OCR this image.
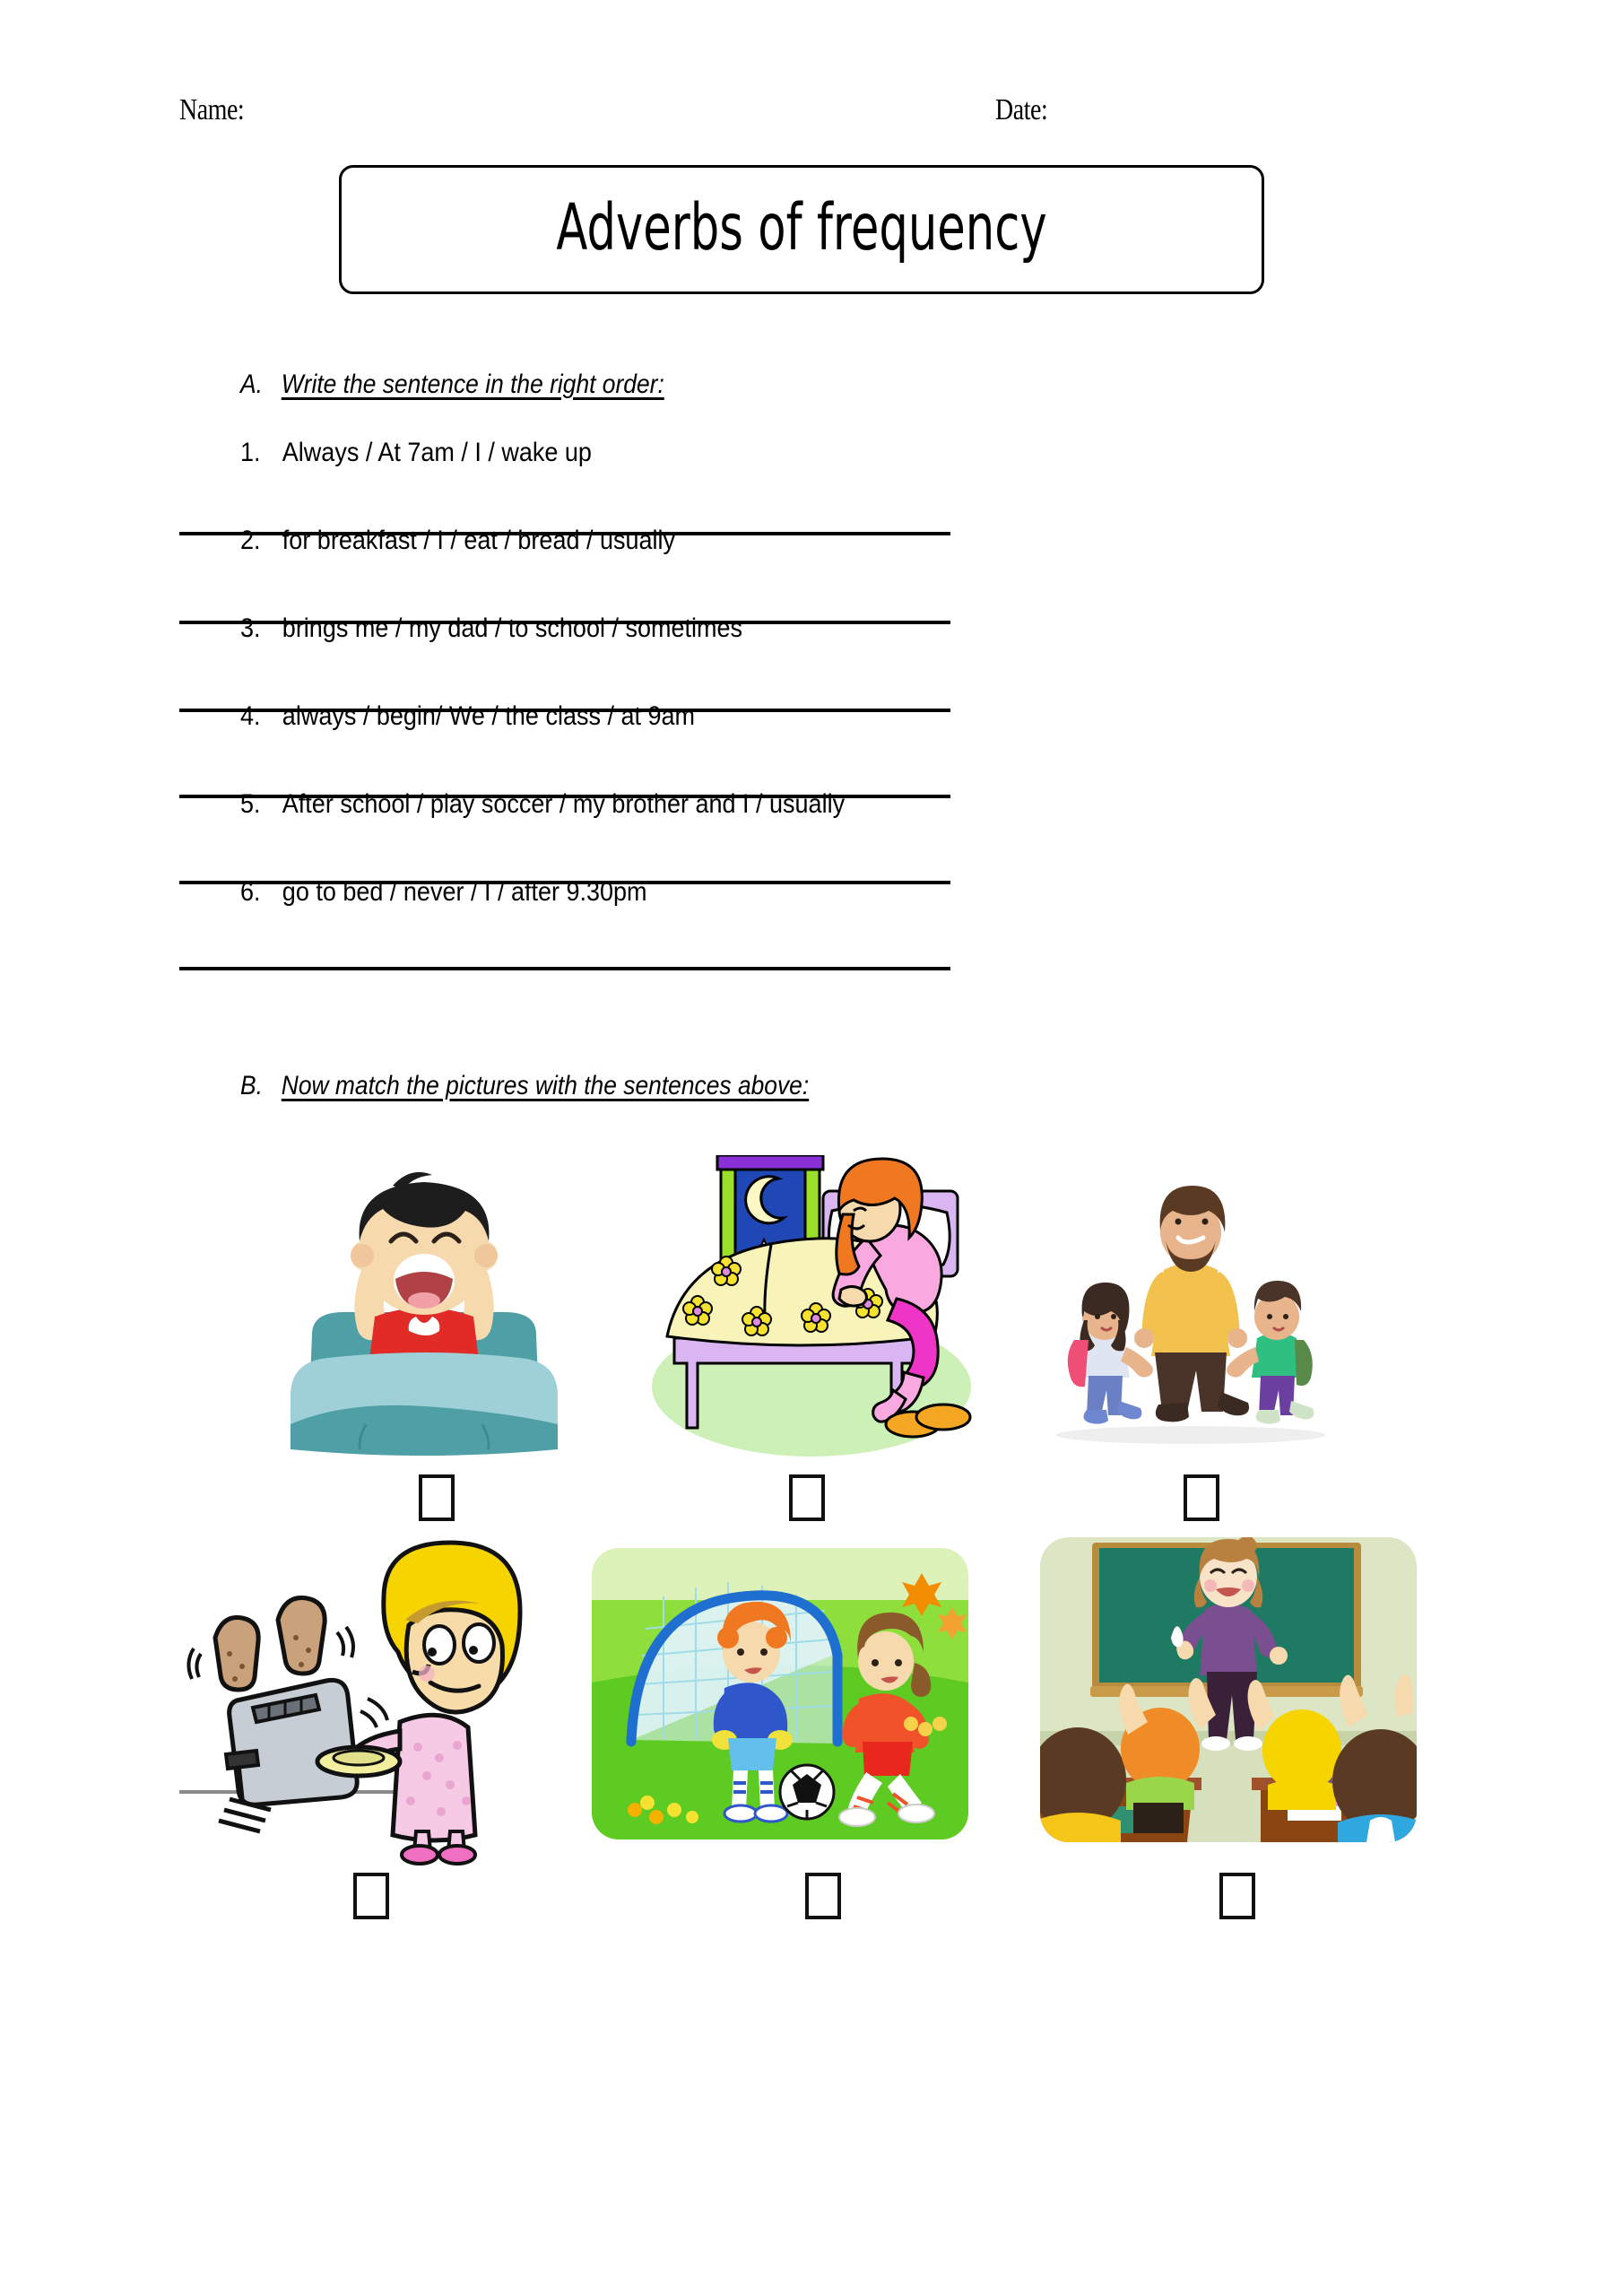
Name:	Date:
Adverbs of frequency
A. Write the sentence in the right order:
1. Always / At 7am / I / wake up
2. for breakfast / I / eat / bread / usually
3. brings me / my dad / to school / sometimes
4. always / begin/ We / the class / at 9am
5. After school / play soccer / my brother and I / usually
6. go to bed / never / I / after 9.30pm
B. Now match the pictures with the sentences above:
